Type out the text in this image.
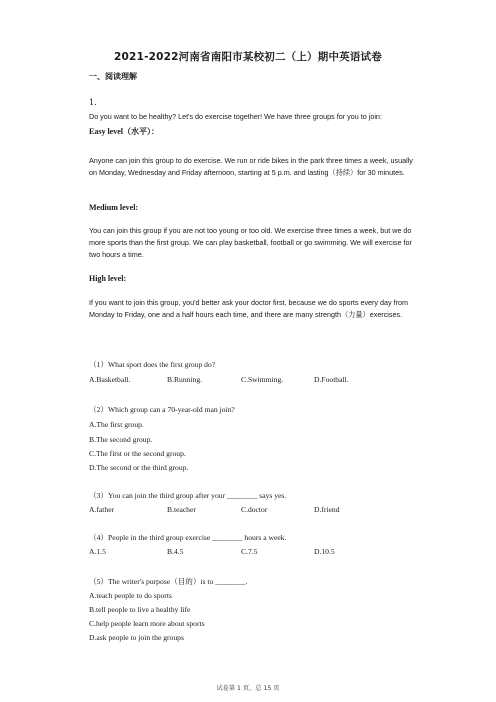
2021-2022河南省南阳市某校初二（上）期中英语试卷
一、阅读理解
1.

Do you want to be healthy? Let's do exercise together! We have three groups for you to join:

Easy level（水平）：

Anyone can join this group to do exercise. We run or ride bikes in the park three times a week, usually on Monday, Wednesday and Friday afternoon, starting at 5 p.m. and lasting（持续）for 30 minutes.

Medium level:

You can join this group if you are not too young or too old. We exercise three times a week, but we do more sports than the first group. We can play basketball, football or go swimming. We will exercise for two hours a time.

High level:

If you want to join this group, you'd better ask your doctor first, because we do sports every day from Monday to Friday, one and a half hours each time, and there are many strength（力量）exercises.

（1）What sport does the first group do?
A.Basketball.	B.Running.	C.Swimming.	D.Football.
（2）Which group can a 70-year-old man join?
A.The first group.
B.The second group.
C.The first or the second group.
D.The second or the third group.
（3）You can join the third group after your ________ says yes.
A.father	B.teacher	C.doctor	D.friend
（4）People in the third group exercise ________ hours a week.
A.1.5	B.4.5	C.7.5	D.10.5
（5）The writer's purpose（目的）is to ________.
A.teach people to do sports
B.tell people to live a healthy life
C.help people learn more about sports
D.ask people to join the groups
试卷第 1 页，总 15 页
